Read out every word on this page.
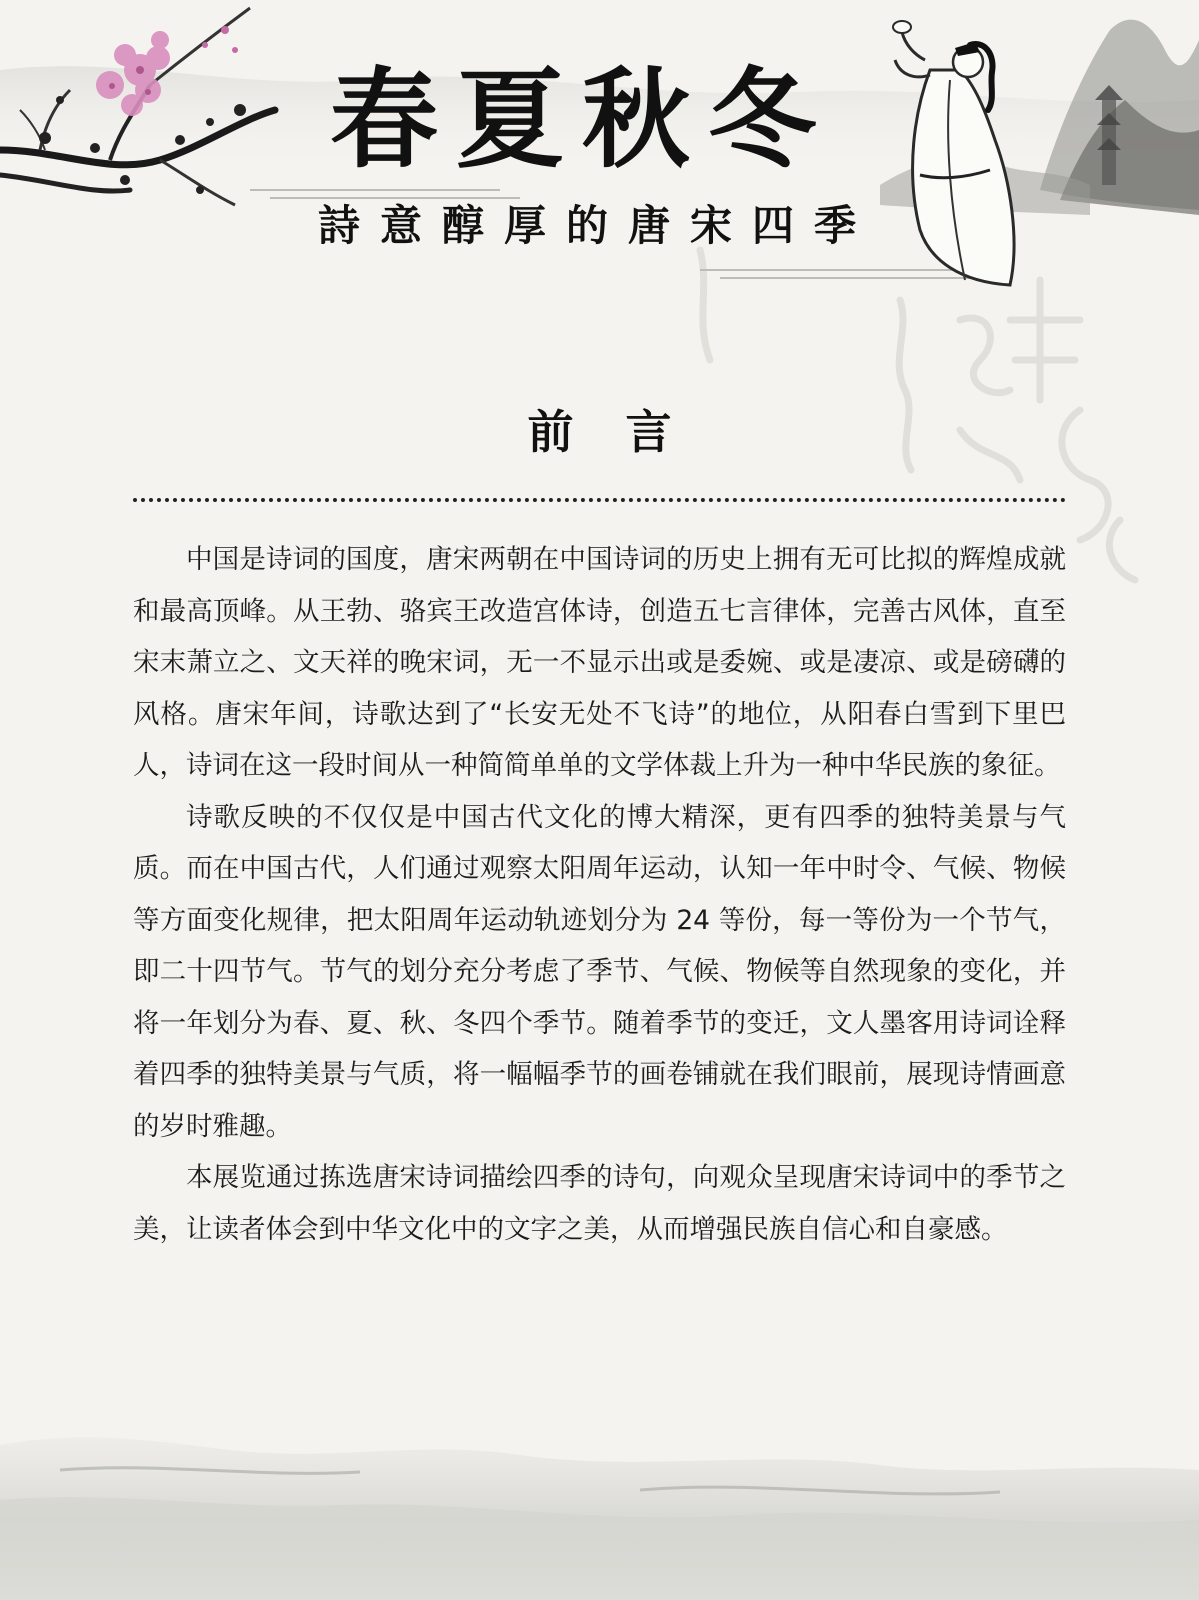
春夏秋冬
詩意醇厚的唐宋四季
前言

中国是诗词的国度，唐宋两朝在中国诗词的历史上拥有无可比拟的辉煌成就和最高顶峰。从王勃、骆宾王改造宫体诗，创造五七言律体，完善古风体，直至宋末萧立之、文天祥的晚宋词，无一不显示出或是委婉、或是凄凉、或是磅礴的风格。唐宋年间，诗歌达到了“长安无处不飞诗”的地位，从阳春白雪到下里巴人，诗词在这一段时间从一种简简单单的文学体裁上升为一种中华民族的象征。

诗歌反映的不仅仅是中国古代文化的博大精深，更有四季的独特美景与气质。而在中国古代，人们通过观察太阳周年运动，认知一年中时令、气候、物候等方面变化规律，把太阳周年运动轨迹划分为 24 等份，每一等份为一个节气，即二十四节气。节气的划分充分考虑了季节、气候、物候等自然现象的变化，并将一年划分为春、夏、秋、冬四个季节。随着季节的变迁，文人墨客用诗词诠释着四季的独特美景与气质，将一幅幅季节的画卷铺就在我们眼前，展现诗情画意的岁时雅趣。

本展览通过拣选唐宋诗词描绘四季的诗句，向观众呈现唐宋诗词中的季节之美，让读者体会到中华文化中的文字之美，从而增强民族自信心和自豪感。
